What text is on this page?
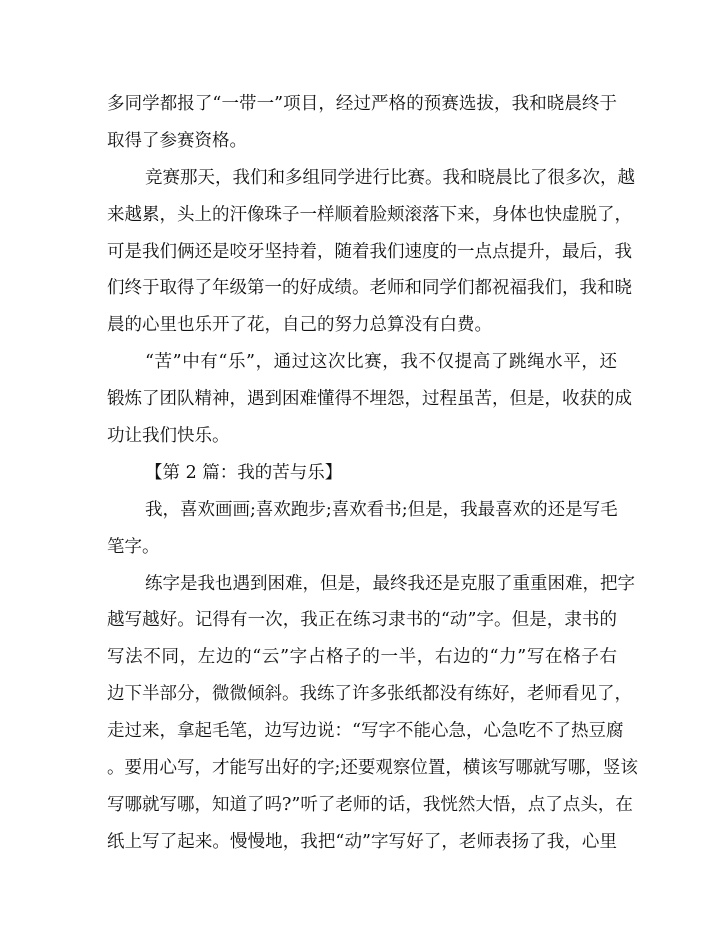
多同学都报了“一带一”项目，经过严格的预赛选拔，我和晓晨终于
取得了参赛资格。
竞赛那天，我们和多组同学进行比赛。我和晓晨比了很多次，越
来越累，头上的汗像珠子一样顺着脸颊滚落下来，身体也快虚脱了，
可是我们俩还是咬牙坚持着，随着我们速度的一点点提升，最后，我
们终于取得了年级第一的好成绩。老师和同学们都祝福我们，我和晓
晨的心里也乐开了花，自己的努力总算没有白费。
“苦”中有“乐”，通过这次比赛，我不仅提高了跳绳水平，还
锻炼了团队精神，遇到困难懂得不埋怨，过程虽苦，但是，收获的成
功让我们快乐。
【第 2 篇：我的苦与乐】
我，喜欢画画;喜欢跑步;喜欢看书;但是，我最喜欢的还是写毛
笔字。
练字是我也遇到困难，但是，最终我还是克服了重重困难，把字
越写越好。记得有一次，我正在练习隶书的“动”字。但是，隶书的
写法不同，左边的“云”字占格子的一半，右边的“力”写在格子右
边下半部分，微微倾斜。我练了许多张纸都没有练好，老师看见了，
走过来，拿起毛笔，边写边说：“写字不能心急，心急吃不了热豆腐
。要用心写，才能写出好的字;还要观察位置，横该写哪就写哪，竖该
写哪就写哪，知道了吗?”听了老师的话，我恍然大悟，点了点头，在
纸上写了起来。慢慢地，我把“动”字写好了，老师表扬了我，心里
